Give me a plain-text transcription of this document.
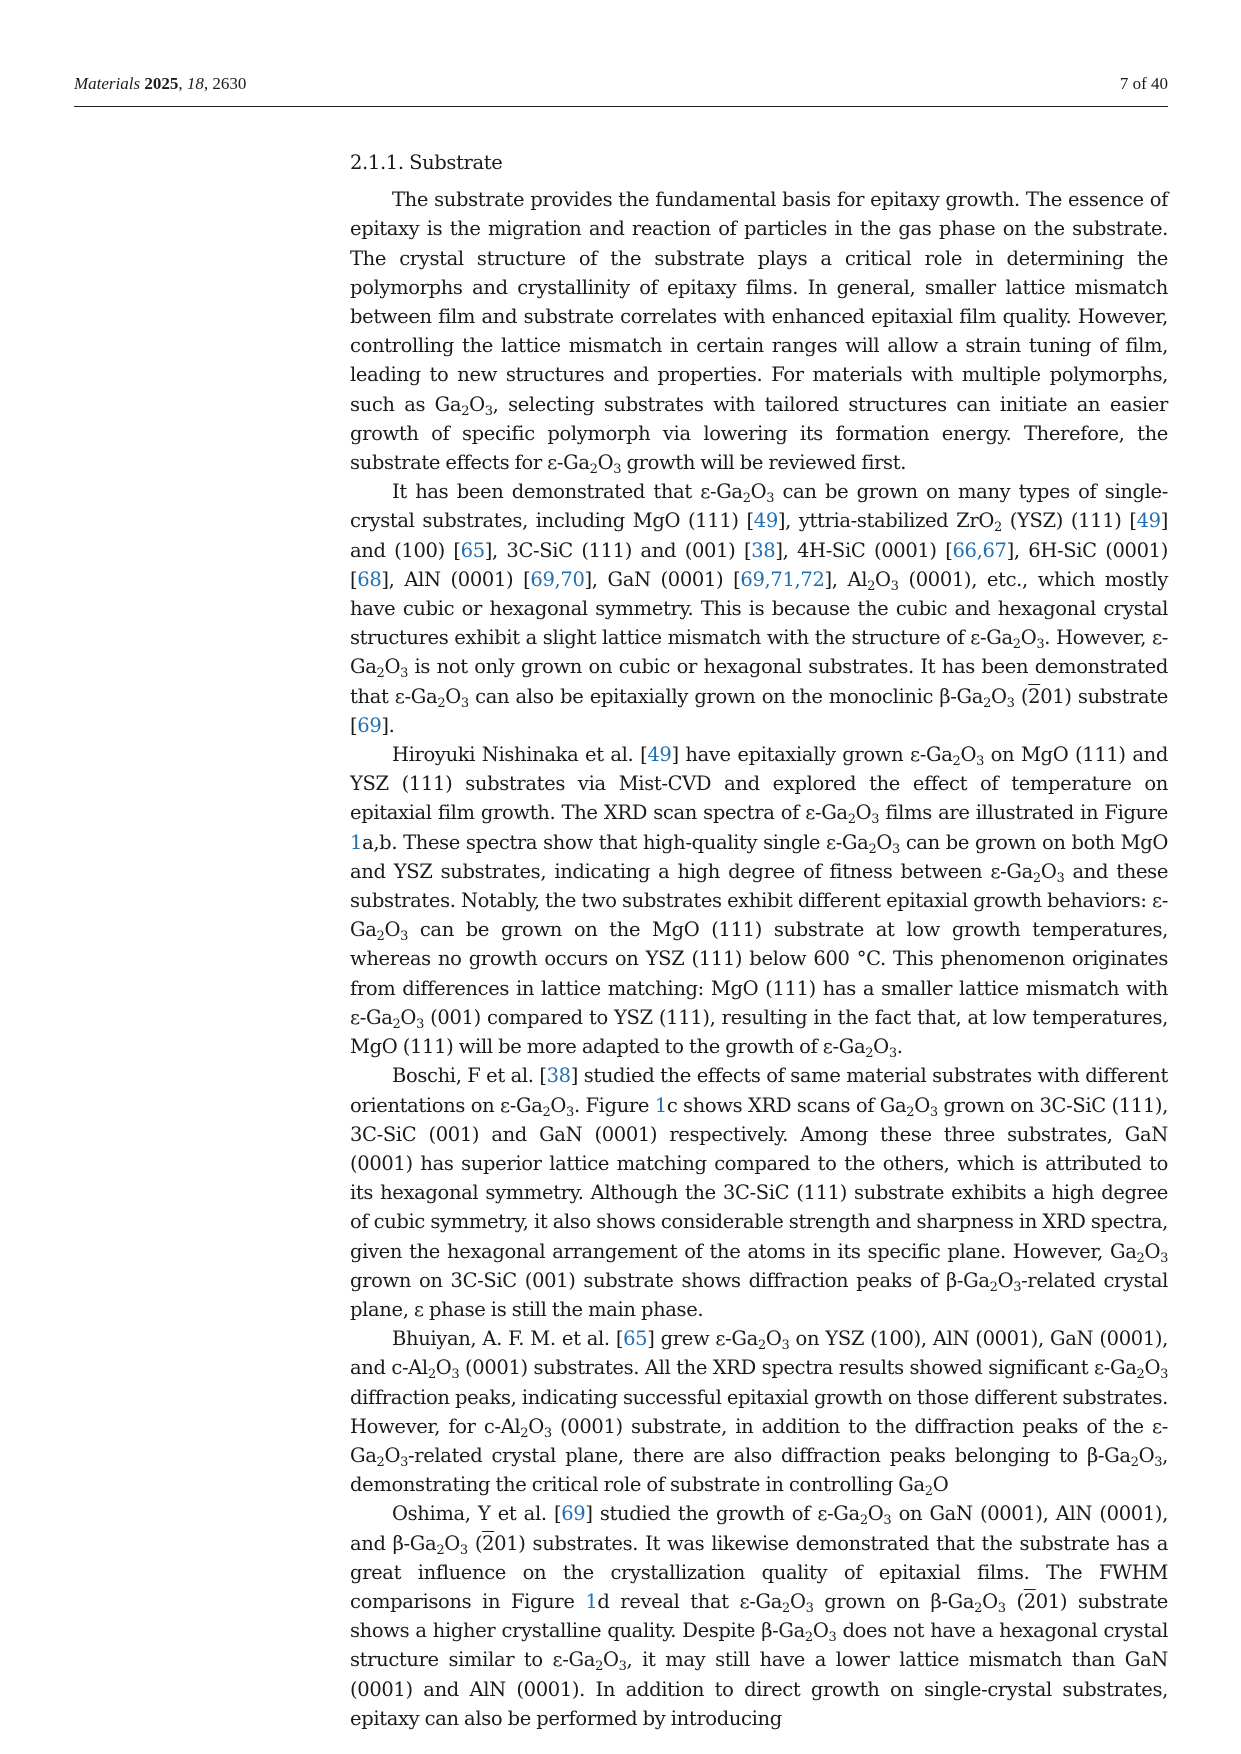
Materials 2025, 18, 2630	7 of 40
2.1.1. Substrate

The substrate provides the fundamental basis for epitaxy growth. The essence of epitaxy is the migration and reaction of particles in the gas phase on the substrate. The crystal structure of the substrate plays a critical role in determining the polymorphs and crystallinity of epitaxy films. In general, smaller lattice mismatch between film and substrate correlates with enhanced epitaxial film quality. However, controlling the lattice mismatch in certain ranges will allow a strain tuning of film, leading to new structures and properties. For materials with multiple polymorphs, such as $Ga_2O_3$, selecting substrates with tailored structures can initiate an easier growth of specific polymorph via lowering its formation energy. Therefore, the substrate effects for $\varepsilon-Ga_2O_3$ growth will be reviewed first.

It has been demonstrated that $\varepsilon-Ga_2O_3$ can be grown on many types of single-crystal substrates, including MgO (111) [49], yttria-stabilized ZrO$_2$ (YSZ) (111) [49] and (100) [65], 3C-SiC (111) and (001) [38], 4H-SiC (0001) [66,67], 6H-SiC (0001) [68], AlN (0001) [69,70], GaN (0001) [69,71,72], $Al_2O_3$ (0001), etc., which mostly have cubic or hexagonal symmetry. This is because the cubic and hexagonal crystal structures exhibit a slight lattice mismatch with the structure of $\varepsilon-Ga_2O_3$. However, $\varepsilon-Ga_2O_3$ is not only grown on cubic or hexagonal substrates. It has been demonstrated that $\varepsilon-Ga_2O_3$ can also be epitaxially grown on the monoclinic $\beta-Ga_2O_3$ (201) substrate [69].

Hiroyuki Nishinaka et al. [49] have epitaxially grown $\varepsilon-Ga_2O_3$ on MgO (111) and YSZ (111) substrates via Mist-CVD and explored the effect of temperature on epitaxial film growth. The XRD scan spectra of $\varepsilon-Ga_2O_3$ films are illustrated in Figure 1a,b. These spectra show that high-quality single $\varepsilon-Ga_2O_3$ can be grown on both MgO and YSZ substrates, indicating a high degree of fitness between $\varepsilon-Ga_2O_3$ and these substrates. Notably, the two substrates exhibit different epitaxial growth behaviors: $\varepsilon-Ga_2O_3$ can be grown on the MgO (111) substrate at low growth temperatures, whereas no growth occurs on YSZ (111) below 600 °C. This phenomenon originates from differences in lattice matching: MgO (111) has a smaller lattice mismatch with $\varepsilon-Ga_2O_3$ (001) compared to YSZ (111), resulting in the fact that, at low temperatures, MgO (111) will be more adapted to the growth of $\varepsilon-Ga_2O_3$.

Boschi, F et al. [38] studied the effects of same material substrates with different orientations on $\varepsilon-Ga_2O_3$. Figure 1c shows XRD scans of $Ga_2O_3$ grown on 3C-SiC (111), 3C-SiC (001) and GaN (0001) respectively. Among these three substrates, GaN (0001) has superior lattice matching compared to the others, which is attributed to its hexagonal symmetry. Although the 3C-SiC (111) substrate exhibits a high degree of cubic symmetry, it also shows considerable strength and sharpness in XRD spectra, given the hexagonal arrangement of the atoms in its specific plane. However, $Ga_2O_3$ grown on 3C-SiC (001) substrate shows diffraction peaks of $\beta-Ga_2O_3$-related crystal plane, ε phase is still the main phase.

Bhuiyan, A. F. M. et al. [65] grew $\varepsilon-Ga_2O_3$ on YSZ (100), AlN (0001), GaN (0001), and $c-Al_2O_3$ (0001) substrates. All the XRD spectra results showed significant $\varepsilon-Ga_2O_3$ diffraction peaks, indicating successful epitaxial growth on those different substrates. However, for $c-Al_2O_3$ (0001) substrate, in addition to the diffraction peaks of the $\varepsilon-Ga_2O_3$-related crystal plane, there are also diffraction peaks belonging to $\beta-Ga_2O_3$, demonstrating the critical role of substrate in controlling $Ga_2O$

Oshima, Y et al. [69] studied the growth of $\varepsilon-Ga_2O_3$ on GaN (0001), AlN (0001), and $\beta-Ga_2O_3$ (201) substrates. It was likewise demonstrated that the substrate has a great influence on the crystallization quality of epitaxial films. The FWHM comparisons in Figure 1d reveal that $\varepsilon-Ga_2O_3$ grown on $\beta-Ga_2O_3$ (201) substrate shows a higher crystalline quality. Despite $\beta-Ga_2O_3$ does not have a hexagonal crystal structure similar to $\varepsilon-Ga_2O_3$, it may still have a lower lattice mismatch than GaN (0001) and AlN (0001). In addition to direct growth on single-crystal substrates, epitaxy can also be performed by introducing
